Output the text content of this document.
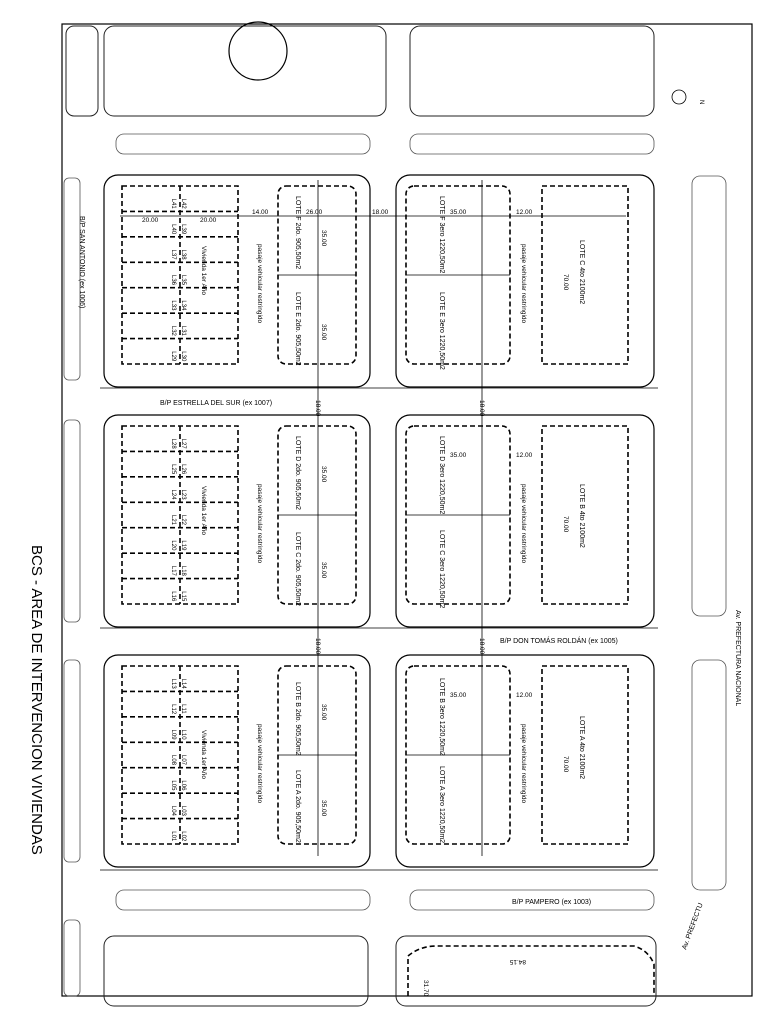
N
L41 L42
L40 L39
L37 L38
L36 L35
L33 L34
L32 L31
L29 L30
L28 L27
L25 L26
L24 L23
L21 L22
L20 L19
L17 L18
L16 L15
L13 L14
L12 L11
L09 L10
L08 L07
L05 L06
L04 L03
L01 L02
B/P ESTRELLA DEL SUR (ex 1007)
B/P DON TOMÁS ROLDÁN (ex 1005)
B/P PAMPERO (ex 1003)
B/P SAN ANTONIO (ex 1006)
Av. PREFECTURA NACIONAL
Av. PREFECTU
18.00	18.00
18.00	18.00
18.00
14.00	26.00
20.00	20.00
35.00	12.00
35.00	12.00
35.00	12.00
84.15
31.70
LOTE F 2do. 905,50m2
LOTE E 2do. 905,50m2
LOTE D 2do. 905,50m2
LOTE C 2do. 905,50m2
LOTE B 2do. 905,50m2
LOTE A 2do. 905,50m2
LOTE F 3ero 1220,50m2
LOTE E 3ero 1220,50m2
LOTE D 3ero 1220,50m2
LOTE C 3ero 1220,50m2
LOTE B 3ero 1220,50m2
LOTE A 3ero 1220,50m2
LOTE C 4to 2100m2
LOTE B 4to 2100m2
LOTE A 4to 2100m2
70.00
70.00
70.00
35.00
35.00
35.00
35.00
35.00
35.00
pasaje vehicular restringido
pasaje vehicular restringido
pasaje vehicular restringido
pasaje vehicular restringido
pasaje vehicular restringido
pasaje vehicular restringido
Vivienda 1er Año
Vivienda 1er Año
Vivienda 1er Año
BCS - AREA DE INTERVENCION VIVIENDAS
